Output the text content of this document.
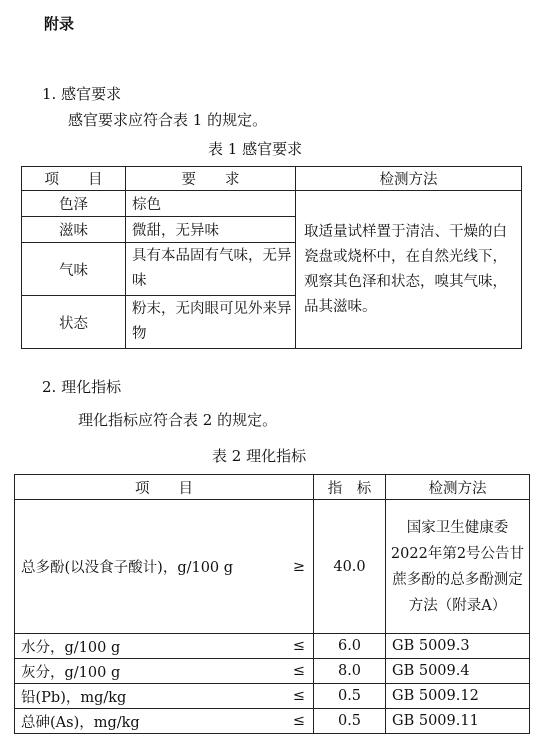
附录
1. 感官要求
感官要求应符合表 1 的规定。
表 1 感官要求
项　　目	要　　求	检测方法
色泽	棕色	取适量试样置于清洁、干燥的白瓷盘或烧杯中，在自然光线下，观察其色泽和状态，嗅其气味，品其滋味。
滋味	微甜，无异味	
气味	具有本品固有气味，无异味	
状态	粉末，无肉眼可见外来异物	
2. 理化指标
理化指标应符合表 2 的规定。
表 2 理化指标
项　　目	指　标	检测方法
总多酚(以没食子酸计)，g/100 g ≥	40.0	国家卫生健康委2022年第2号公告甘蔗多酚的总多酚测定方法（附录A）
水分，g/100 g ≤	6.0	GB 5009.3
灰分，g/100 g ≤	8.0	GB 5009.4
铅(Pb)，mg/kg ≤	0.5	GB 5009.12
总砷(As)，mg/kg ≤	0.5	GB 5009.11
